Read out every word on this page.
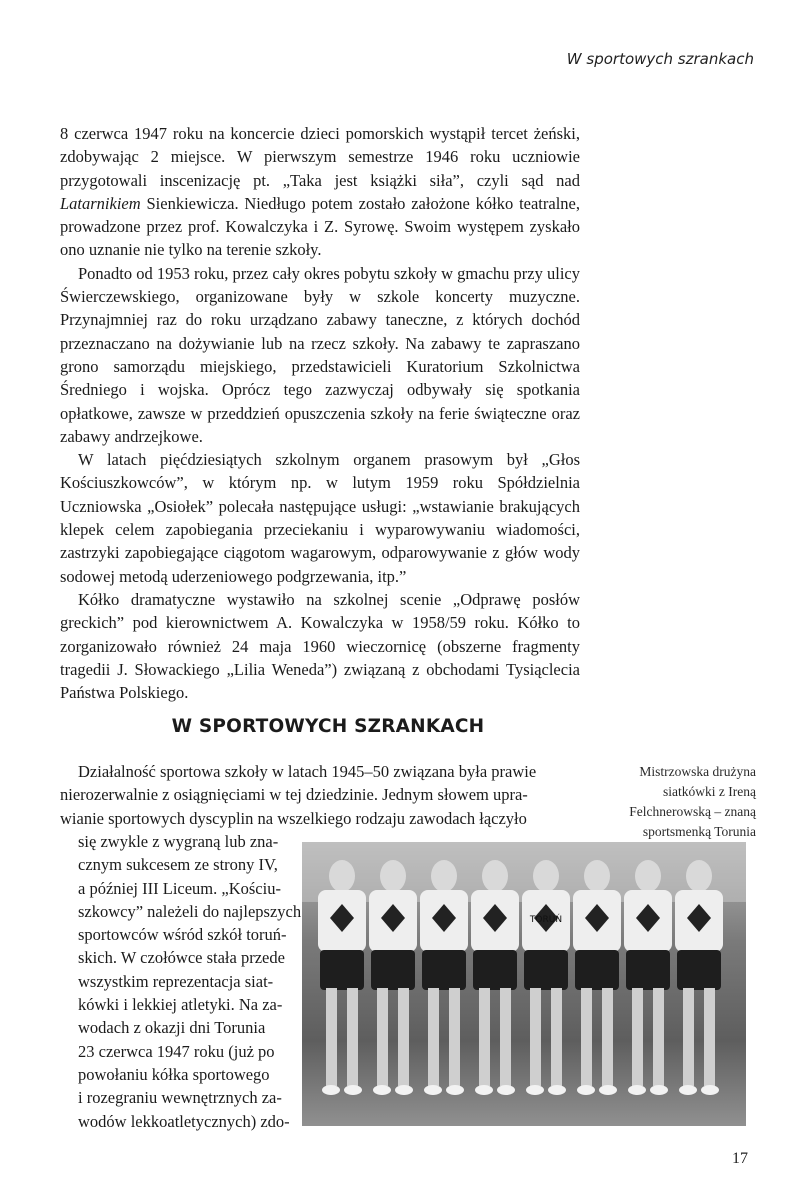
W sportowych szrankach

8 czerwca 1947 roku na koncercie dzieci pomorskich wystąpił tercet żeński, zdobywając 2 miejsce. W pierwszym semestrze 1946 roku uczniowie przygotowali inscenizację pt. „Taka jest książki siła”, czyli sąd nad Latarnikiem Sienkiewicza. Niedługo potem zostało założone kółko teatralne, prowadzone przez prof. Kowalczyka i Z. Syrowę. Swoim występem zyskało ono uznanie nie tylko na terenie szkoły.

Ponadto od 1953 roku, przez cały okres pobytu szkoły w gmachu przy ulicy Świerczewskiego, organizowane były w szkole koncerty muzyczne. Przynajmniej raz do roku urządzano zabawy taneczne, z których dochód przeznaczano na dożywianie lub na rzecz szkoły. Na zabawy te zapraszano grono samorządu miejskiego, przedstawicieli Kuratorium Szkolnictwa Średniego i wojska. Oprócz tego zazwyczaj odbywały się spotkania opłatkowe, zawsze w przeddzień opuszczenia szkoły na ferie świąteczne oraz zabawy andrzejkowe.

W latach pięćdziesiątych szkolnym organem prasowym był „Głos Kościuszkowców”, w którym np. w lutym 1959 roku Spółdzielnia Uczniowska „Osiołek” polecała następujące usługi: „wstawianie brakujących klepek celem zapobiegania przeciekaniu i wyparowywaniu wiadomości, zastrzyki zapobiegające ciągotom wagarowym, odparowywanie z głów wody sodowej metodą uderzeniowego podgrzewania, itp.”

Kółko dramatyczne wystawiło na szkolnej scenie „Odprawę posłów greckich” pod kierownictwem A. Kowalczyka w 1958/59 roku. Kółko to zorganizowało również 24 maja 1960 wieczornicę (obszerne fragmenty tragedii J. Słowackiego „Lilia Weneda”) związaną z obchodami Tysiąclecia Państwa Polskiego.

W SPORTOWYCH SZRANKACH
Działalność sportowa szkoły w latach 1945–50 związana była prawie
nierozerwalnie z osiągnięciami w tej dziedzinie. Jednym słowem upra-
wianie sportowych dyscyplin na wszelkiego rodzaju zawodach łączyło
się zwykle z wygraną lub zna-
cznym sukcesem ze strony IV,
a później III Liceum. „Kościu-
szkowcy” należeli do najlepszych
sportowców wśród szkół toruń-
skich. W czołówce stała przede
wszystkim reprezentacja siat-
kówki i lekkiej atletyki. Na za-
wodach z okazji dni Torunia
23 czerwca 1947 roku (już po
powołaniu kółka sportowego
i rozegraniu wewnętrznych za-
wodów lekkoatletycznych) zdo-
Mistrzowska drużyna siatkówki z Ireną Felchnerowską – znaną sportsmenką Torunia
TORUŃ
17
